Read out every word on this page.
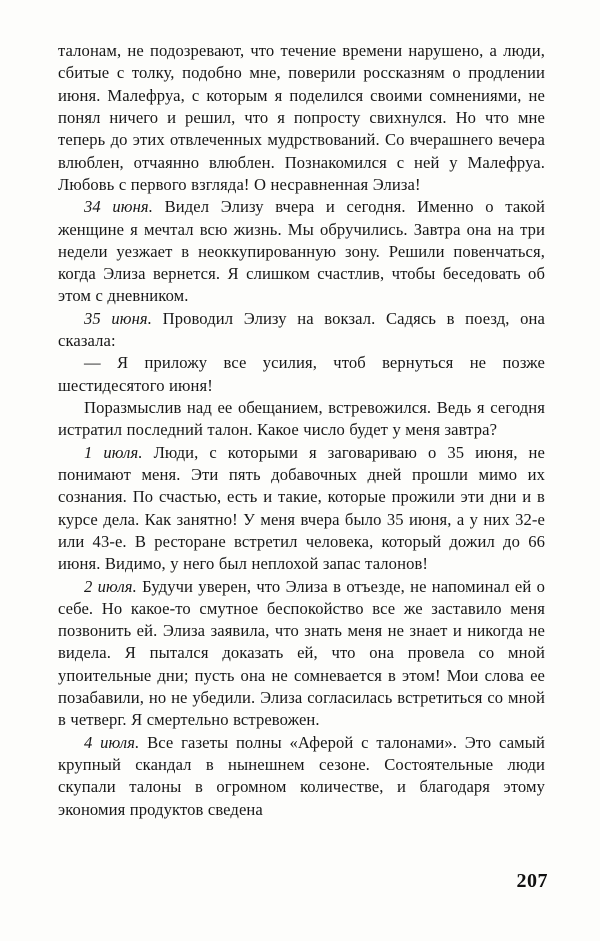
талонам, не подозревают, что течение времени нарушено, а люди, сбитые с толку, подобно мне, поверили россказням о продлении июня. Малефруа, с которым я поделился своими сомнениями, не понял ничего и решил, что я попросту свихнулся. Но что мне теперь до этих отвлеченных мудрствований. Со вчерашнего вечера влюблен, отчаянно влюблен. Познакомился с ней у Малефруа. Любовь с первого взгляда! О несравненная Элиза!

34 июня. Видел Элизу вчера и сегодня. Именно о такой женщине я мечтал всю жизнь. Мы обручились. Завтра она на три недели уезжает в неоккупированную зону. Решили повенчаться, когда Элиза вернется. Я слишком счастлив, чтобы беседовать об этом с дневником.

35 июня. Проводил Элизу на вокзал. Садясь в поезд, она сказала:

— Я приложу все усилия, чтоб вернуться не позже шестидесятого июня!

Поразмыслив над ее обещанием, встревожился. Ведь я сегодня истратил последний талон. Какое число будет у меня завтра?

1 июля. Люди, с которыми я заговариваю о 35 июня, не понимают меня. Эти пять добавочных дней прошли мимо их сознания. По счастью, есть и такие, которые прожили эти дни и в курсе дела. Как занятно! У меня вчера было 35 июня, а у них 32-е или 43-е. В ресторане встретил человека, который дожил до 66 июня. Видимо, у него был неплохой запас талонов!

2 июля. Будучи уверен, что Элиза в отъезде, не напоминал ей о себе. Но какое-то смутное беспокойство все же заставило меня позвонить ей. Элиза заявила, что знать меня не знает и никогда не видела. Я пытался доказать ей, что она провела со мной упоительные дни; пусть она не сомневается в этом! Мои слова ее позабавили, но не убедили. Элиза согласилась встретиться со мной в четверг. Я смертельно встревожен.

4 июля. Все газеты полны «Аферой с талонами». Это самый крупный скандал в нынешнем сезоне. Состоятельные люди скупали талоны в огромном количестве, и благодаря этому экономия продуктов сведена

207
